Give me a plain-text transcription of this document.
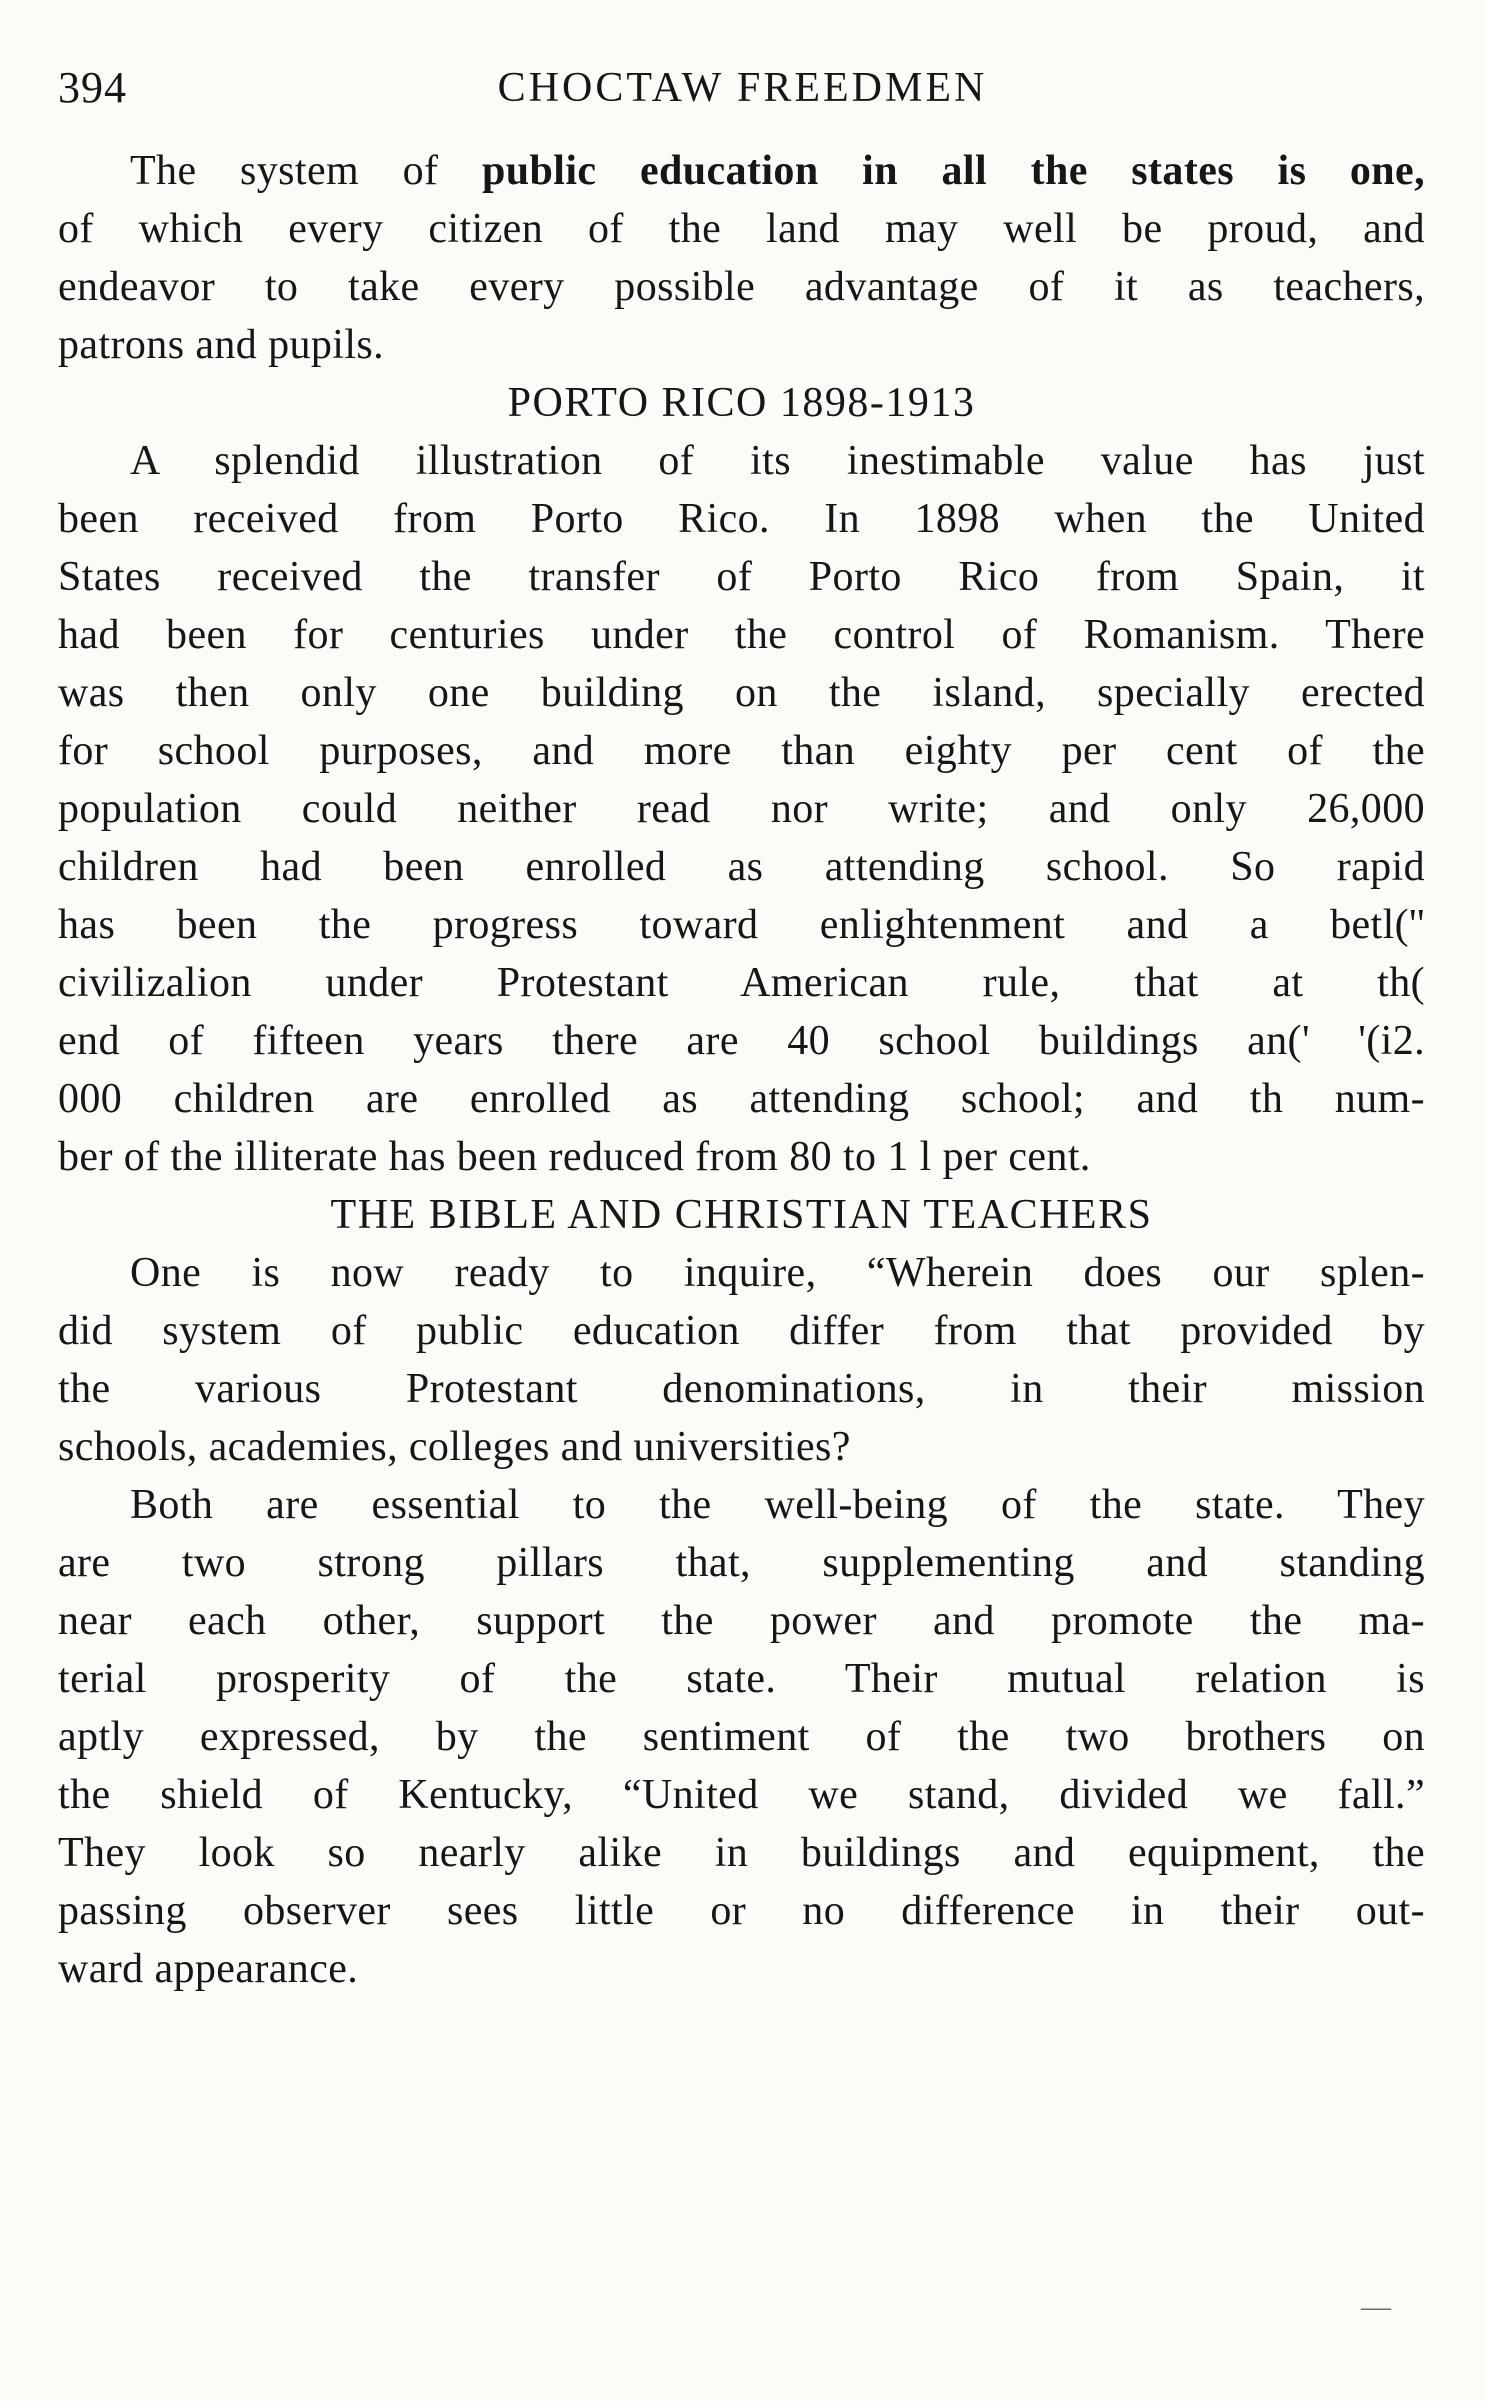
394	CHOCTAW FREEDMEN
The system of public education in all the states is one,
of which every citizen of the land may well be proud, and
endeavor to take every possible advantage of it as teachers,
patrons and pupils.
PORTO RICO 1898-1913
A splendid illustration of its inestimable value has just
been received from Porto Rico. In 1898 when the United
States received the transfer of Porto Rico from Spain, it
had been for centuries under the control of Romanism. There
was then only one building on the island, specially erected
for school purposes, and more than eighty per cent of the
population could neither read nor write; and only 26,000
children had been enrolled as attending school. So rapid
has been the progress toward enlightenment and a betl(''
civilizalion under Protestant American rule, that at th(
end of fifteen years there are 40 school buildings an(' '(i2.
000 children are enrolled as attending school; and th num-
ber of the illiterate has been reduced from 80 to 1 l per cent.
THE BIBLE AND CHRISTIAN TEACHERS
One is now ready to inquire, “Wherein does our splen-
did system of public education differ from that provided by
the various Protestant denominations, in their mission
schools, academies, colleges and universities?
Both are essential to the well-being of the state. They
are two strong pillars that, supplementing and standing
near each other, support the power and promote the ma-
terial prosperity of the state. Their mutual relation is
aptly expressed, by the sentiment of the two brothers on
the shield of Kentucky, “United we stand, divided we fall.”
They look so nearly alike in buildings and equipment, the
passing observer sees little or no difference in their out-
ward appearance.
—
